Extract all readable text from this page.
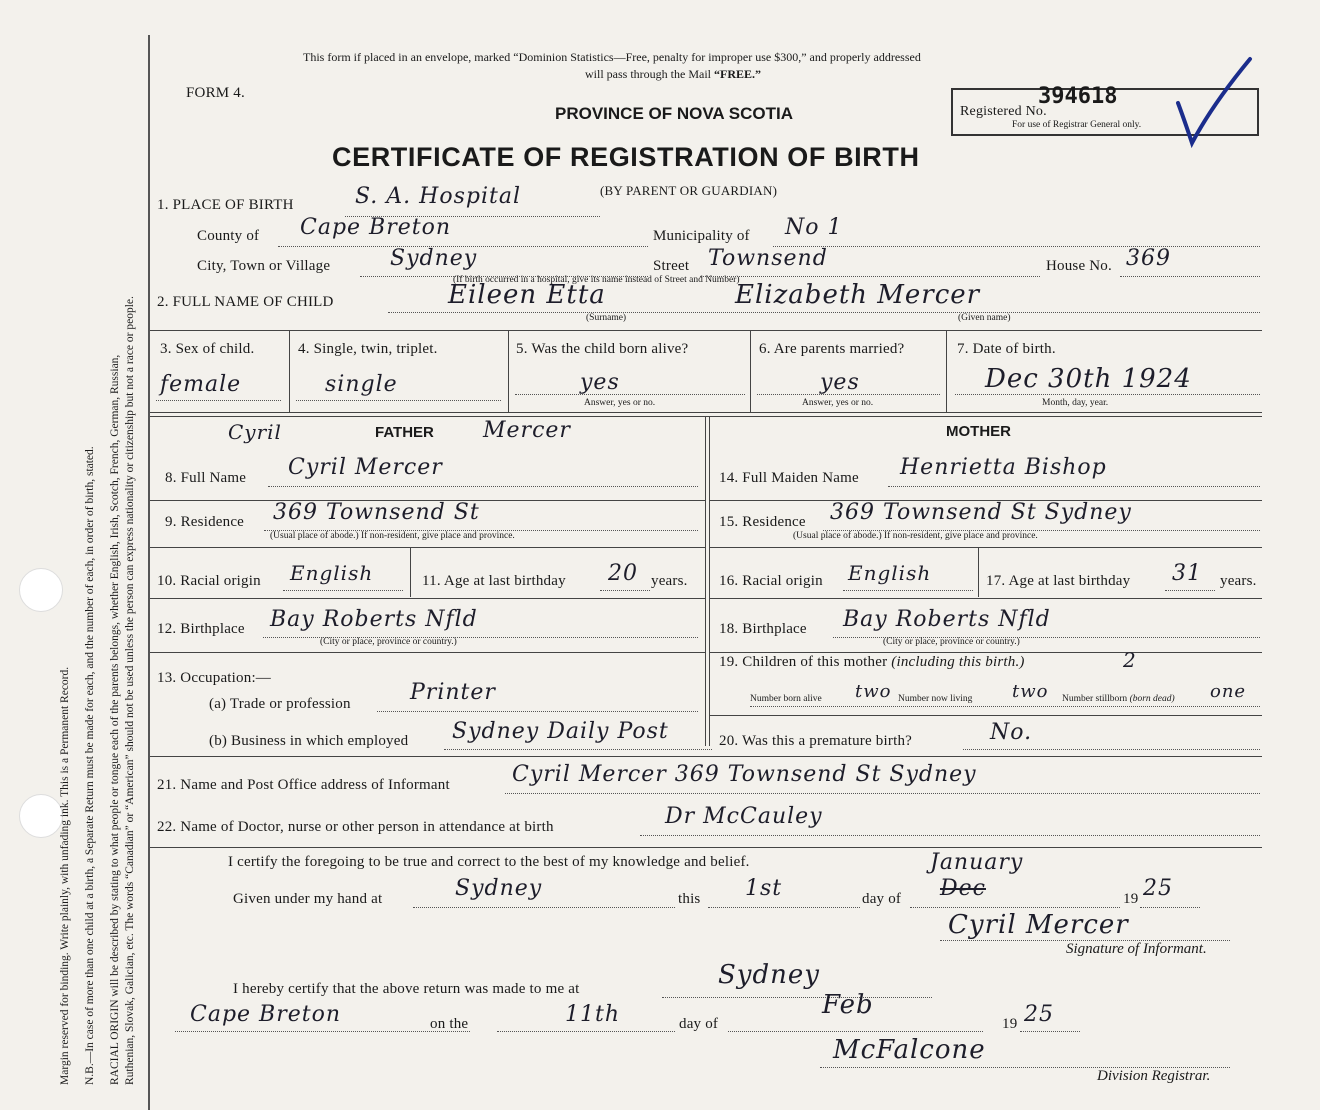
Margin reserved for binding. Write plainly, with unfading ink. This is a Permanent Record. N.B.—In case of more than one child at a birth, a Separate Return must be made for each, and the number of each, in order of birth, stated. RACIAL ORIGIN will be described by stating to what people or tongue each of the parents belongs, whether English, Irish, Scotch, French, German, Russian, Ruthenian, Slovak, Galician, etc. The words “Canadian” or “American” should not be used unless the person can express nationality or citizenship but not a race or people.
This form if placed in an envelope, marked “Dominion Statistics—Free, penalty for improper use $300,” and properly addressed
will pass through the Mail “FREE.”
FORM 4.
PROVINCE OF NOVA SCOTIA	Registered No.
394618
For use of Registrar General only.
CERTIFICATE OF REGISTRATION OF BIRTH
1. PLACE OF BIRTH	S. A. Hospital	(BY PARENT OR GUARDIAN)
County of Cape Breton	Municipality of No 1
City, Town or Village	Sydney
(If birth occurred in a hospital, give its name instead of Street and Number)
Street Townsend	House No. 369
2. FULL NAME OF CHILD	Eileen Etta	Elizabeth Mercer
(Surname)	(Given name)
3. Sex of child.
female
4. Single, twin, triplet.
single
5. Was the child born alive?
yes
Answer, yes or no.
6. Are parents married?
yes
Answer, yes or no.
7. Date of birth.
Dec 30th 1924
Month, day, year.
Cyril	FATHER Mercer	MOTHER
8. Full Name Cyril Mercer
9. Residence 369 Townsend St
(Usual place of abode.) If non-resident, give place and province.
10. Racial origin English	11. Age at last birthday 20 years.
12. Birthplace Bay Roberts Nfld
(City or place, province or country.)
13. Occupation:—
(a) Trade or profession	Printer
(b) Business in which employed Sydney Daily Post
14. Full Maiden Name Henrietta Bishop
15. Residence 369 Townsend St Sydney
(Usual place of abode.) If non-resident, give place and province.
16. Racial origin English	17. Age at last birthday 31 years.
18. Birthplace Bay Roberts Nfld
(City or place, province or country.)
19. Children of this mother (including this birth.)	2
Number born alive two Number now living two Number stillborn (born dead) one
20. Was this a premature birth?	No.
21. Name and Post Office address of Informant	Cyril Mercer 369 Townsend St Sydney
22. Name of Doctor, nurse or other person in attendance at birth	Dr McCauley
I certify the foregoing to be true and correct to the best of my knowledge and belief.	January
Given under my hand at	Sydney	this 1st	day of Dec	19 25
Cyril Mercer
Signature of Informant.
I hereby certify that the above return was made to me at	Sydney
Cape Breton	on the	11th	day of
Feb
19 25
McFalcone
Division Registrar.
